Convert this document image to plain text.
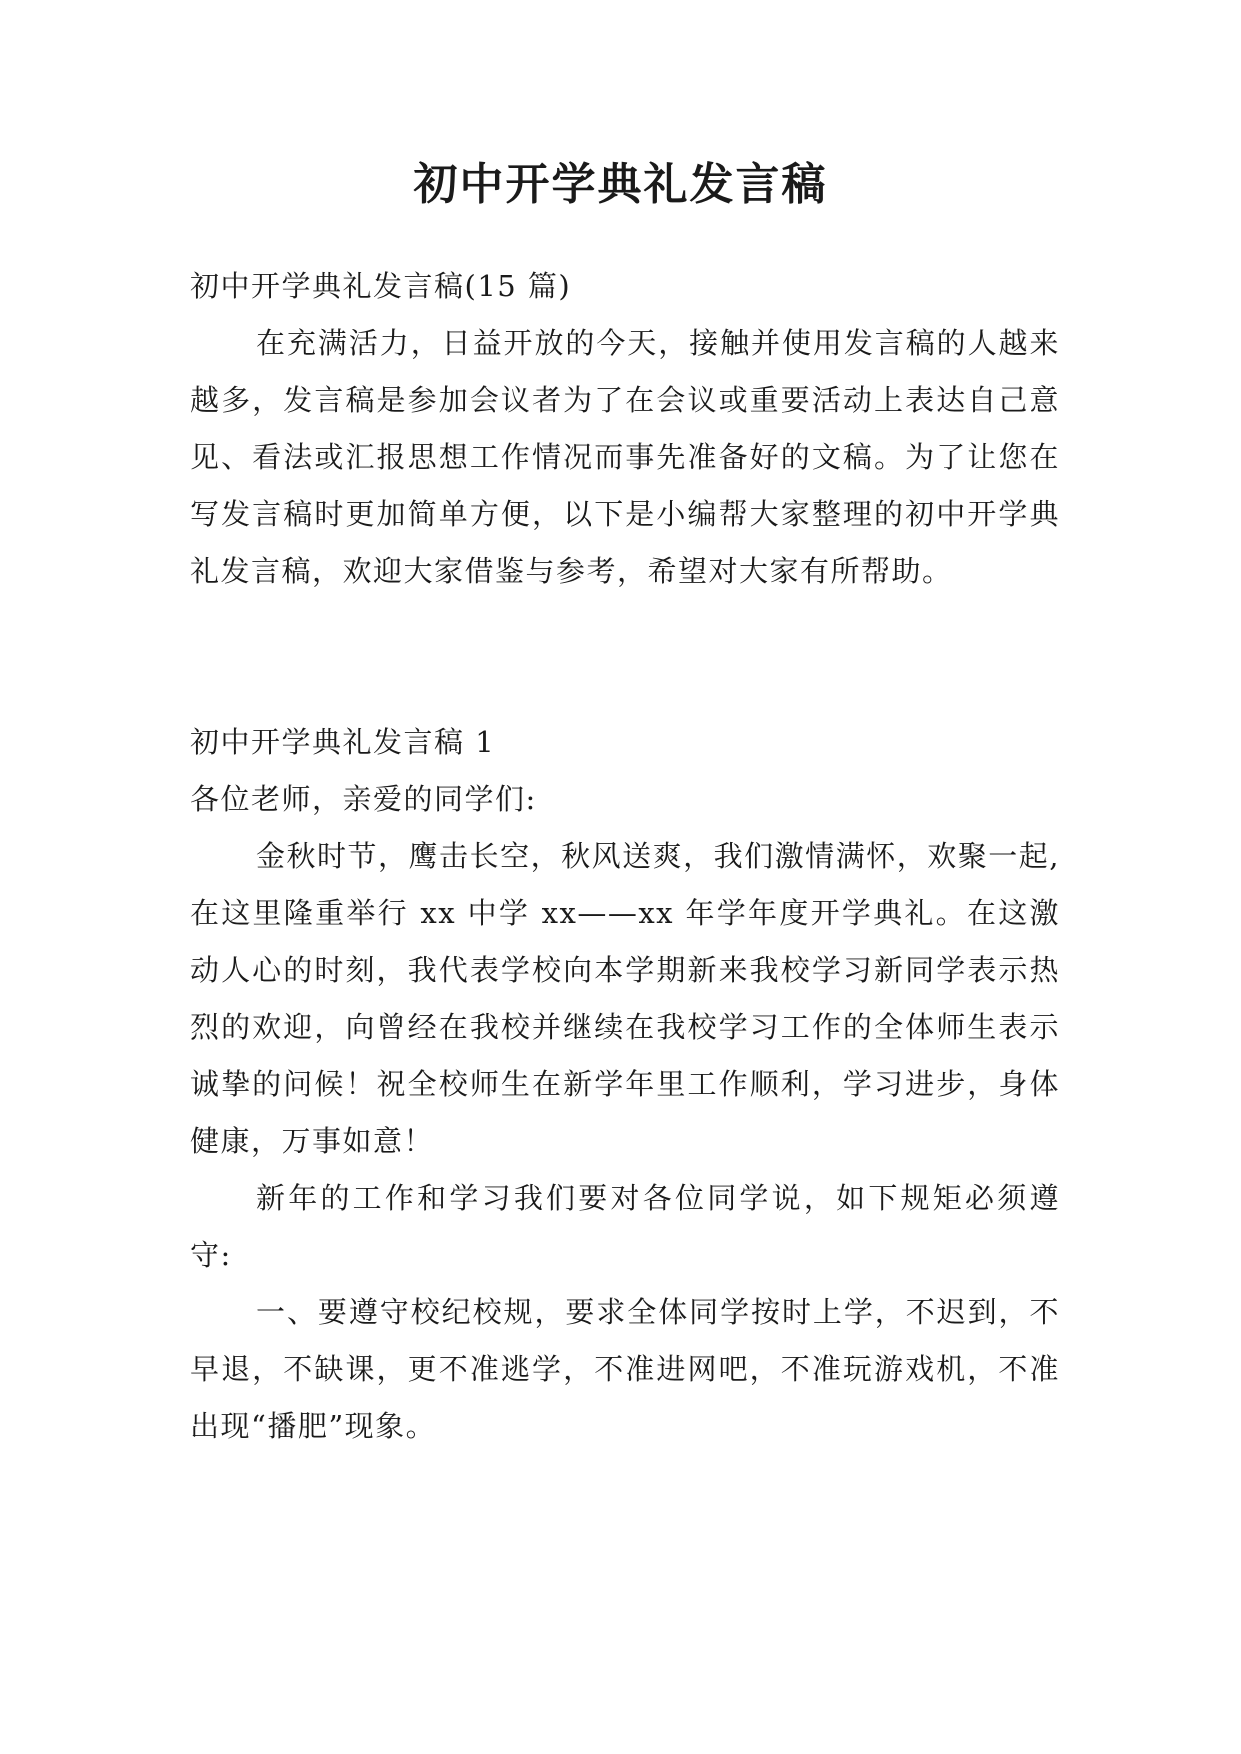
初中开学典礼发言稿

初中开学典礼发言稿(15 篇)

在充满活力，日益开放的今天，接触并使用发言稿的人越来越多，发言稿是参加会议者为了在会议或重要活动上表达自己意见、看法或汇报思想工作情况而事先准备好的文稿。为了让您在写发言稿时更加简单方便，以下是小编帮大家整理的初中开学典礼发言稿，欢迎大家借鉴与参考，希望对大家有所帮助。

初中开学典礼发言稿 1

各位老师，亲爱的同学们:

金秋时节，鹰击长空，秋风送爽，我们激情满怀，欢聚一起,在这里隆重举行 xx 中学 xx——xx 年学年度开学典礼。在这激动人心的时刻，我代表学校向本学期新来我校学习新同学表示热烈的欢迎，向曾经在我校并继续在我校学习工作的全体师生表示诚挚的问候！祝全校师生在新学年里工作顺利，学习进步，身体健康，万事如意！

新年的工作和学习我们要对各位同学说，如下规矩必须遵守:

一、要遵守校纪校规，要求全体同学按时上学，不迟到，不早退，不缺课，更不准逃学，不准进网吧，不准玩游戏机，不准出现“播肥”现象。
